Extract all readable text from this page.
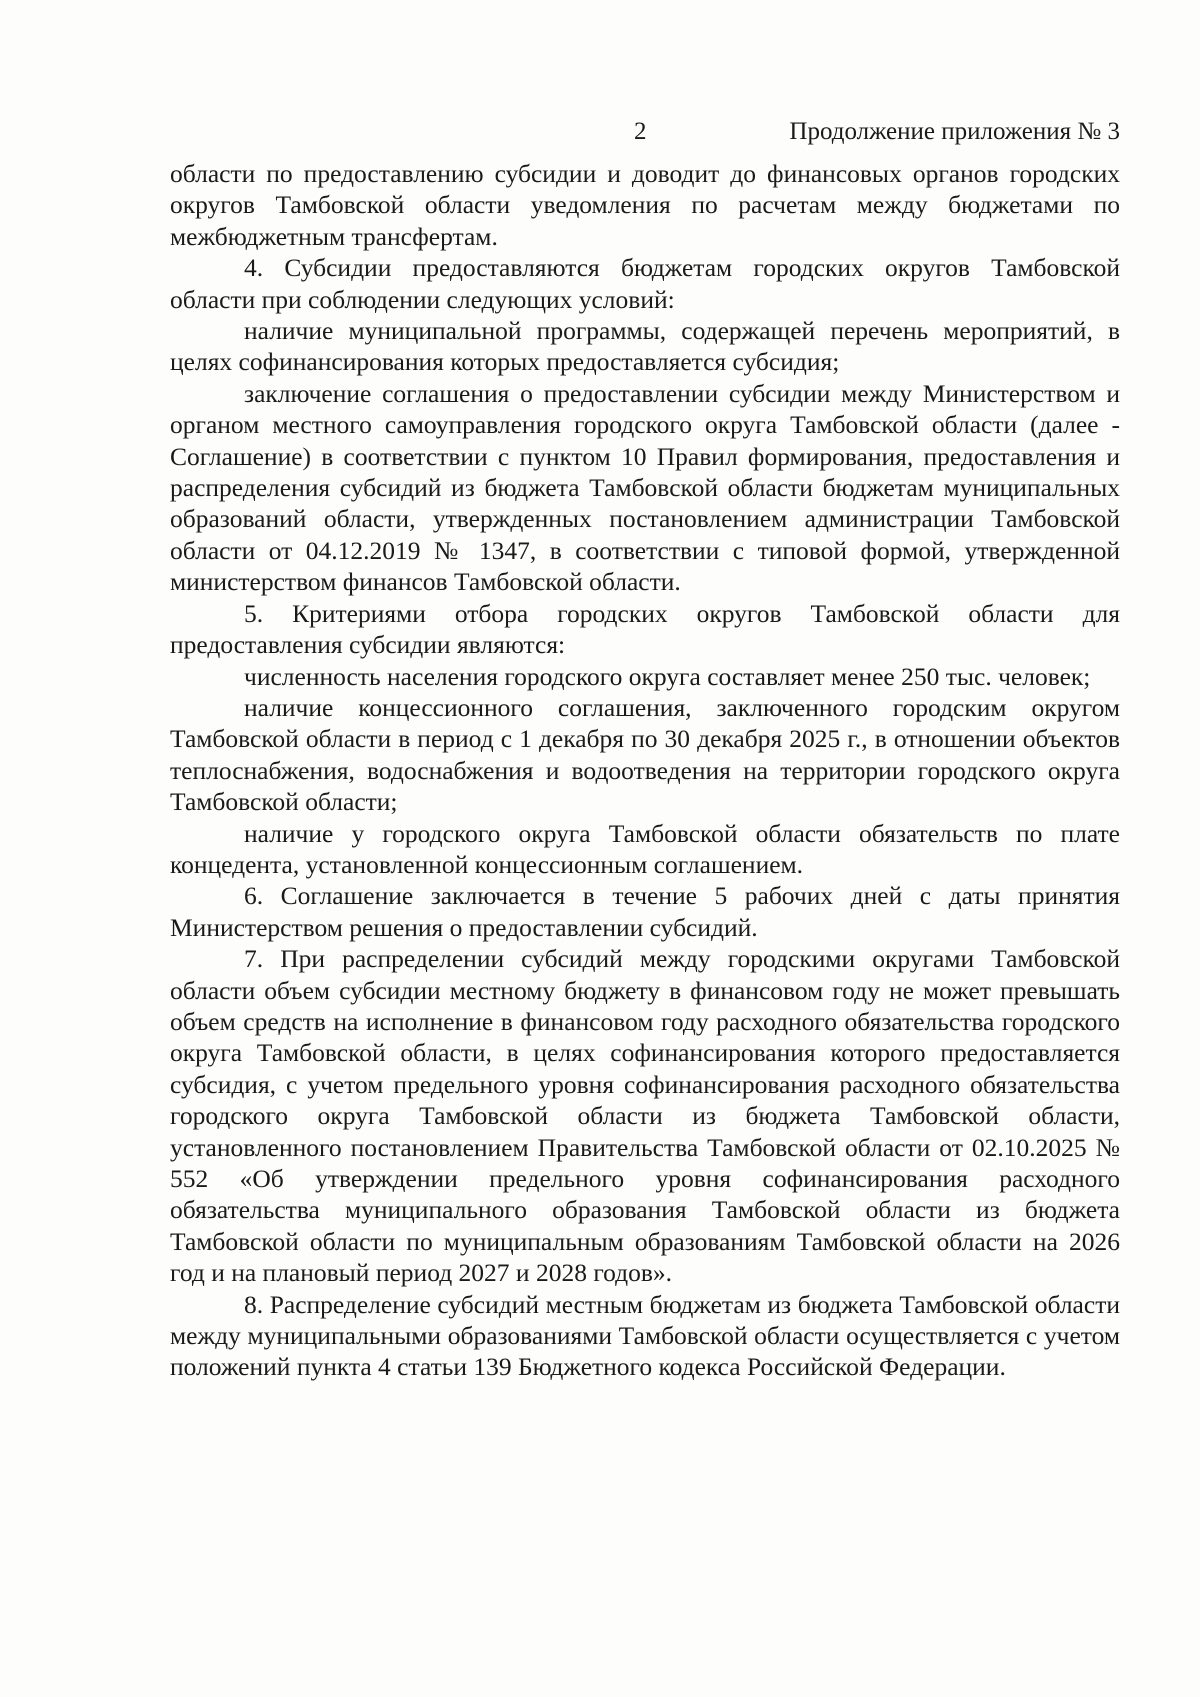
2	Продолжение приложения № 3

области по предоставлению субсидии и доводит до финансовых органов городских округов Тамбовской области уведомления по расчетам между бюджетами по межбюджетным трансфертам.

4. Субсидии предоставляются бюджетам городских округов Тамбовской области при соблюдении следующих условий:

наличие муниципальной программы, содержащей перечень мероприятий, в целях софинансирования которых предоставляется субсидия;

заключение соглашения о предоставлении субсидии между Министерством и органом местного самоуправления городского округа Тамбовской области (далее - Соглашение) в соответствии с пунктом 10 Правил формирования, предоставления и распределения субсидий из бюджета Тамбовской области бюджетам муниципальных образований области, утвержденных постановлением администрации Тамбовской области от 04.12.2019 № 1347, в соответствии с типовой формой, утвержденной министерством финансов Тамбовской области.

5. Критериями отбора городских округов Тамбовской области для предоставления субсидии являются:

численность населения городского округа составляет менее 250 тыс. человек;

наличие концессионного соглашения, заключенного городским округом Тамбовской области в период с 1 декабря по 30 декабря 2025 г., в отношении объектов теплоснабжения, водоснабжения и водоотведения на территории городского округа Тамбовской области;

наличие у городского округа Тамбовской области обязательств по плате концедента, установленной концессионным соглашением.

6. Соглашение заключается в течение 5 рабочих дней с даты принятия Министерством решения о предоставлении субсидий.

7. При распределении субсидий между городскими округами Тамбовской области объем субсидии местному бюджету в финансовом году не может превышать объем средств на исполнение в финансовом году расходного обязательства городского округа Тамбовской области, в целях софинансирования которого предоставляется субсидия, с учетом предельного уровня софинансирования расходного обязательства городского округа Тамбовской области из бюджета Тамбовской области, установленного постановлением Правительства Тамбовской области от 02.10.2025 № 552 «Об утверждении предельного уровня софинансирования расходного обязательства муниципального образования Тамбовской области из бюджета Тамбовской области по муниципальным образованиям Тамбовской области на 2026 год и на плановый период 2027 и 2028 годов».

8. Распределение субсидий местным бюджетам из бюджета Тамбовской области между муниципальными образованиями Тамбовской области осуществляется с учетом положений пункта 4 статьи 139 Бюджетного кодекса Российской Федерации.
